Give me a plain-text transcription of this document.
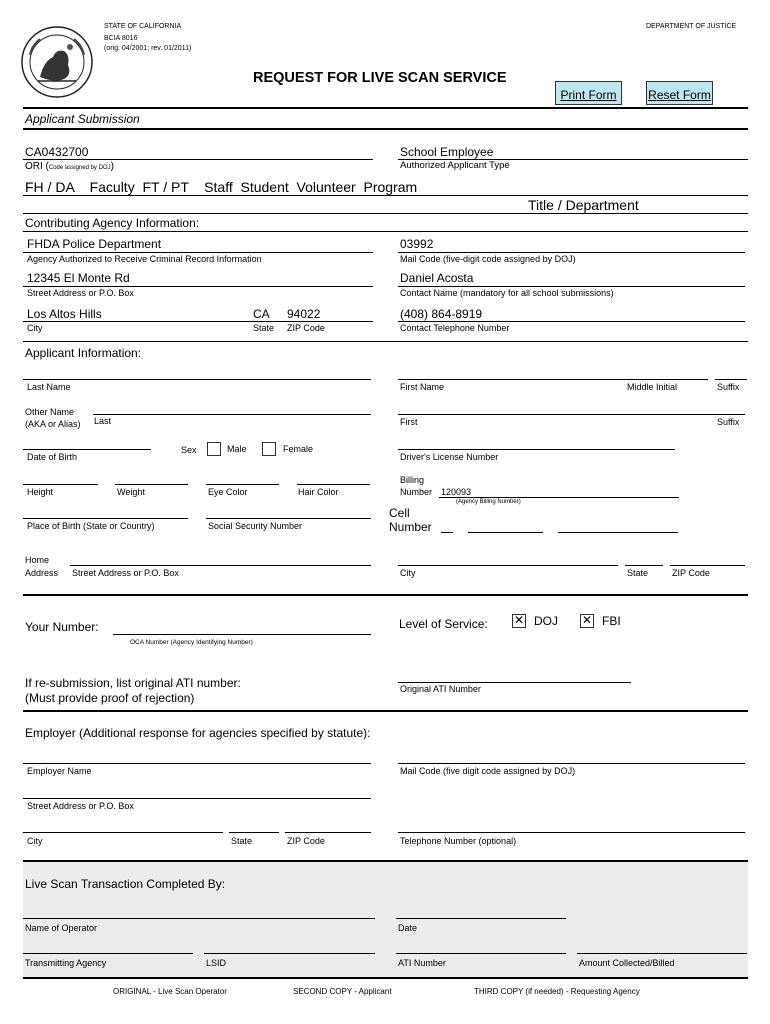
STATE OF CALIFORNIA
BCIA 8016
(orig. 04/2001; rev. 01/2011)
DEPARTMENT OF JUSTICE
REQUEST FOR LIVE SCAN SERVICE
Print Form	Reset Form
Applicant Submission
CA0432700
ORI (Code assigned by DOJ)
School Employee
Authorized Applicant Type
FH / DA    Faculty  FT / PT    Staff  Student  Volunteer  Program
Title / Department
Contributing Agency Information:
FHDA Police Department
Agency Authorized to Receive Criminal Record Information
03992
Mail Code (five-digit code assigned by DOJ)
12345 El Monte Rd
Street Address or P.O. Box
Daniel Acosta
Contact Name (mandatory for all school submissions)
Los Altos Hills	CA 94022
City	State ZIP Code
(408) 864-8919
Contact Telephone Number
Applicant Information:
Last Name	First Name	Middle Initial	Suffix
Other Name
(AKA or Alias) Last	First	Suffix
Date of Birth
Sex	Male	Female
Driver's License Number
Height	Weight	Eye Color	Hair Color
Billing
Number 120093
(Agency Billing Number)
Place of Birth (State or Country)	Social Security Number
Cell
Number
Home
Address Street Address or P.O. Box	City	State	ZIP Code
Your Number:
OCA Number (Agency Identifying Number)
Level of Service: ✕ DOJ ✕ FBI
If re-submission, list original ATI number:
(Must provide proof of rejection)
Original ATI Number
Employer (Additional response for agencies specified by statute):
Employer Name	Mail Code (five digit code assigned by DOJ)
Street Address or P.O. Box
City	State	ZIP Code	Telephone Number (optional)
Live Scan Transaction Completed By:
Name of Operator	Date
Transmitting Agency	LSID	ATI Number	Amount Collected/Billed
ORIGINAL - Live Scan Operator	SECOND COPY - Applicant	THIRD COPY (if needed) - Requesting Agency
